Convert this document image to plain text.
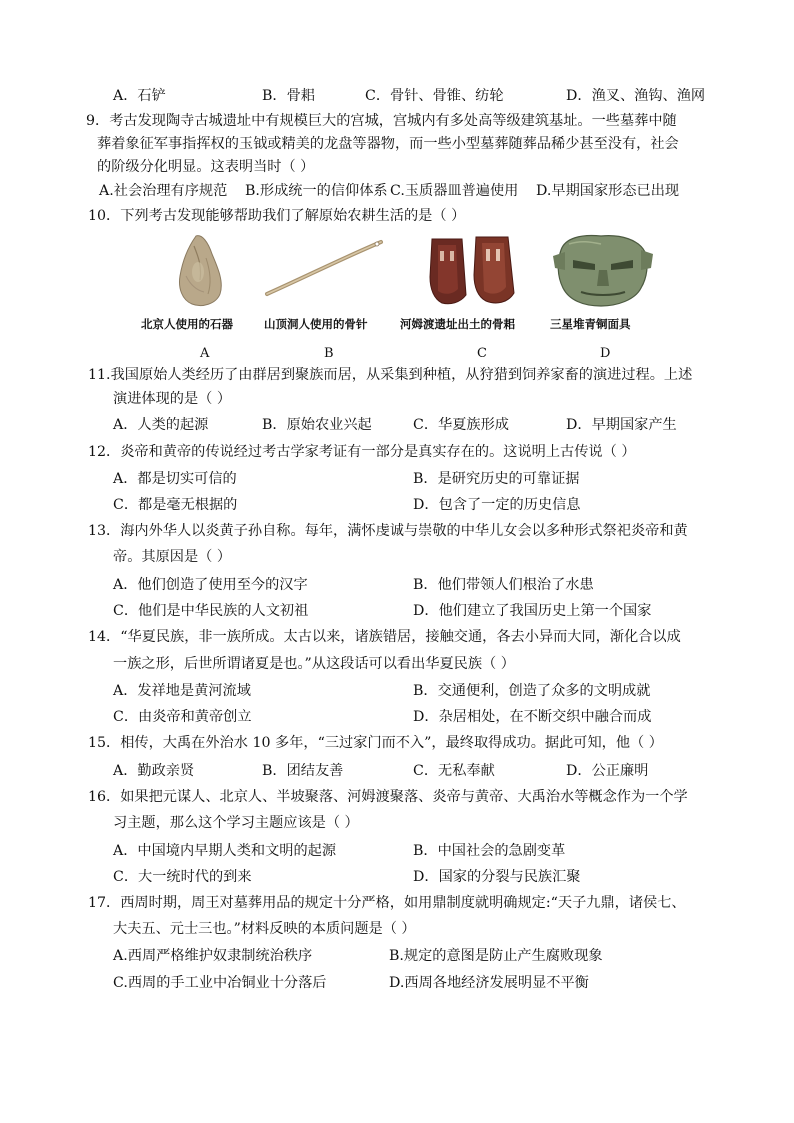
A．石铲	B．骨耜	C．骨针、骨锥、纺轮	D．渔叉、渔钩、渔网
9．考古发现陶寺古城遗址中有规模巨大的宫城，宫城内有多处高等级建筑基址。一些墓葬中随
葬着象征军事指挥权的玉钺或精美的龙盘等器物，而一些小型墓葬随葬品稀少甚至没有，社会
的阶级分化明显。这表明当时（ ）
A.社会治理有序规范 B.形成统一的信仰体系 C.玉质器皿普遍使用 D.早期国家形态已出现
10．下列考古发现能够帮助我们了解原始农耕生活的是（ ）
北京人使用的石器	山顶洞人使用的骨针	河姆渡遗址出土的骨耜	三星堆青铜面具
A	B	C	D
11.我国原始人类经历了由群居到聚族而居，从采集到种植，从狩猎到饲养家畜的演进过程。上述
演进体现的是（ ）
A．人类的起源	B．原始农业兴起	C．华夏族形成	D．早期国家产生
12．炎帝和黄帝的传说经过考古学家考证有一部分是真实存在的。这说明上古传说（ ）
A．都是切实可信的	B．是研究历史的可靠证据
C．都是毫无根据的	D．包含了一定的历史信息
13．海内外华人以炎黄子孙自称。每年，满怀虔诚与崇敬的中华儿女会以多种形式祭祀炎帝和黄
帝。其原因是（ ）
A．他们创造了使用至今的汉字	B．他们带领人们根治了水患
C．他们是中华民族的人文初祖	D．他们建立了我国历史上第一个国家
14．“华夏民族，非一族所成。太古以来，诸族错居，接触交通，各去小异而大同，渐化合以成
一族之形，后世所谓诸夏是也。”从这段话可以看出华夏民族（ ）
A．发祥地是黄河流域	B．交通便利，创造了众多的文明成就
C．由炎帝和黄帝创立	D．杂居相处，在不断交织中融合而成
15．相传，大禹在外治水 10 多年，“三过家门而不入”，最终取得成功。据此可知，他（ ）
A．勤政亲贤	B．团结友善	C．无私奉献	D．公正廉明
16．如果把元谋人、北京人、半坡聚落、河姆渡聚落、炎帝与黄帝、大禹治水等概念作为一个学
习主题，那么这个学习主题应该是（ ）
A．中国境内早期人类和文明的起源	B．中国社会的急剧变革
C．大一统时代的到来	D．国家的分裂与民族汇聚
17．西周时期，周王对墓葬用品的规定十分严格，如用鼎制度就明确规定:“天子九鼎，诸侯七、
大夫五、元士三也。”材料反映的本质问题是（ ）
A.西周严格维护奴隶制统治秩序	B.规定的意图是防止产生腐败现象
C.西周的手工业中冶铜业十分落后	D.西周各地经济发展明显不平衡
